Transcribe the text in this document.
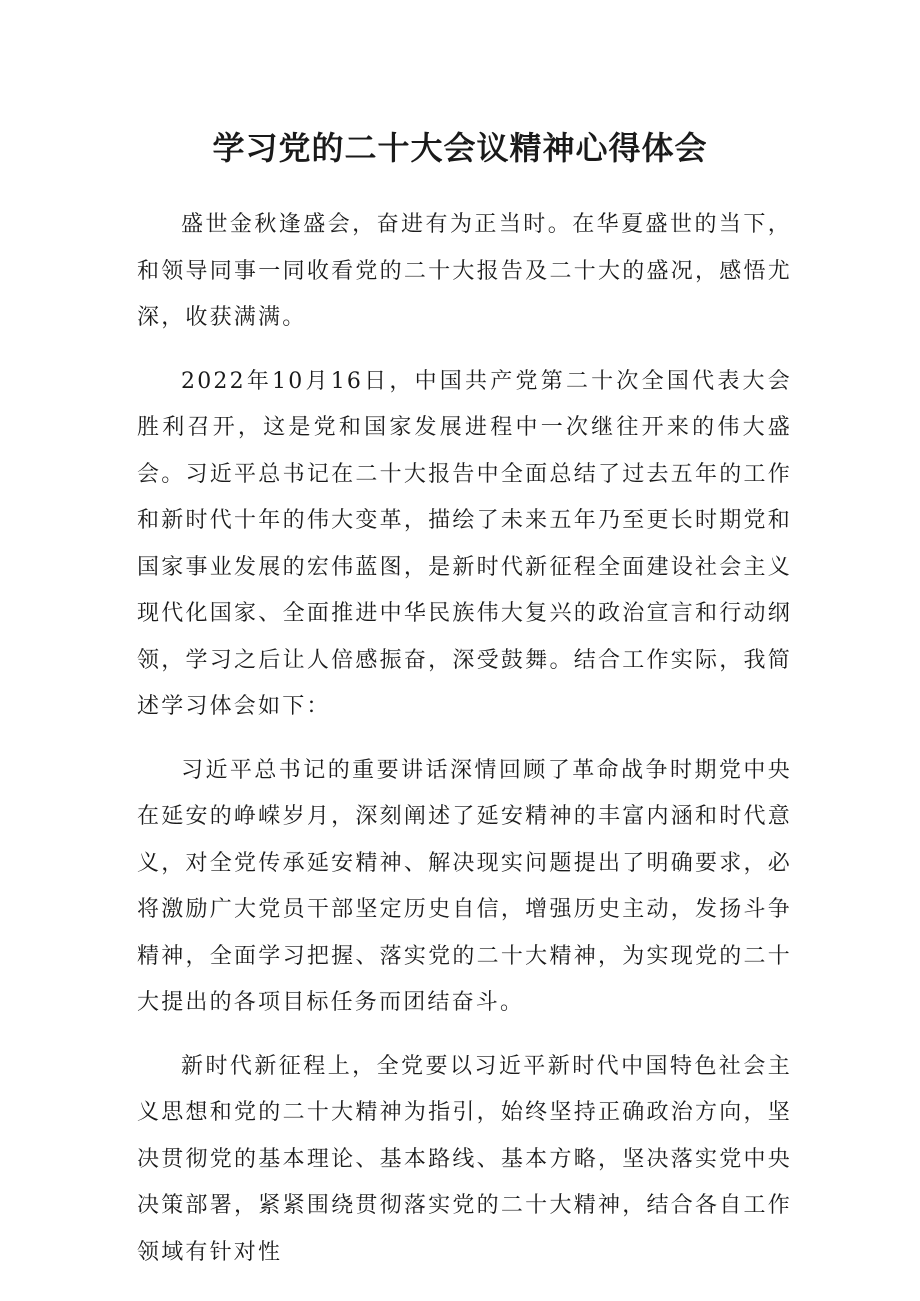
学习党的二十大会议精神心得体会

盛世金秋逢盛会，奋进有为正当时。在华夏盛世的当下，和领导同事一同收看党的二十大报告及二十大的盛况，感悟尤深，收获满满。

2022年10月16日，中国共产党第二十次全国代表大会胜利召开，这是党和国家发展进程中一次继往开来的伟大盛会。习近平总书记在二十大报告中全面总结了过去五年的工作和新时代十年的伟大变革，描绘了未来五年乃至更长时期党和国家事业发展的宏伟蓝图，是新时代新征程全面建设社会主义现代化国家、全面推进中华民族伟大复兴的政治宣言和行动纲领，学习之后让人倍感振奋，深受鼓舞。结合工作实际，我简述学习体会如下：

习近平总书记的重要讲话深情回顾了革命战争时期党中央在延安的峥嵘岁月，深刻阐述了延安精神的丰富内涵和时代意义，对全党传承延安精神、解决现实问题提出了明确要求，必将激励广大党员干部坚定历史自信，增强历史主动，发扬斗争精神，全面学习把握、落实党的二十大精神，为实现党的二十大提出的各项目标任务而团结奋斗。

新时代新征程上，全党要以习近平新时代中国特色社会主义思想和党的二十大精神为指引，始终坚持正确政治方向，坚决贯彻党的基本理论、基本路线、基本方略，坚决落实党中央决策部署，紧紧围绕贯彻落实党的二十大精神，结合各自工作领域有针对性
